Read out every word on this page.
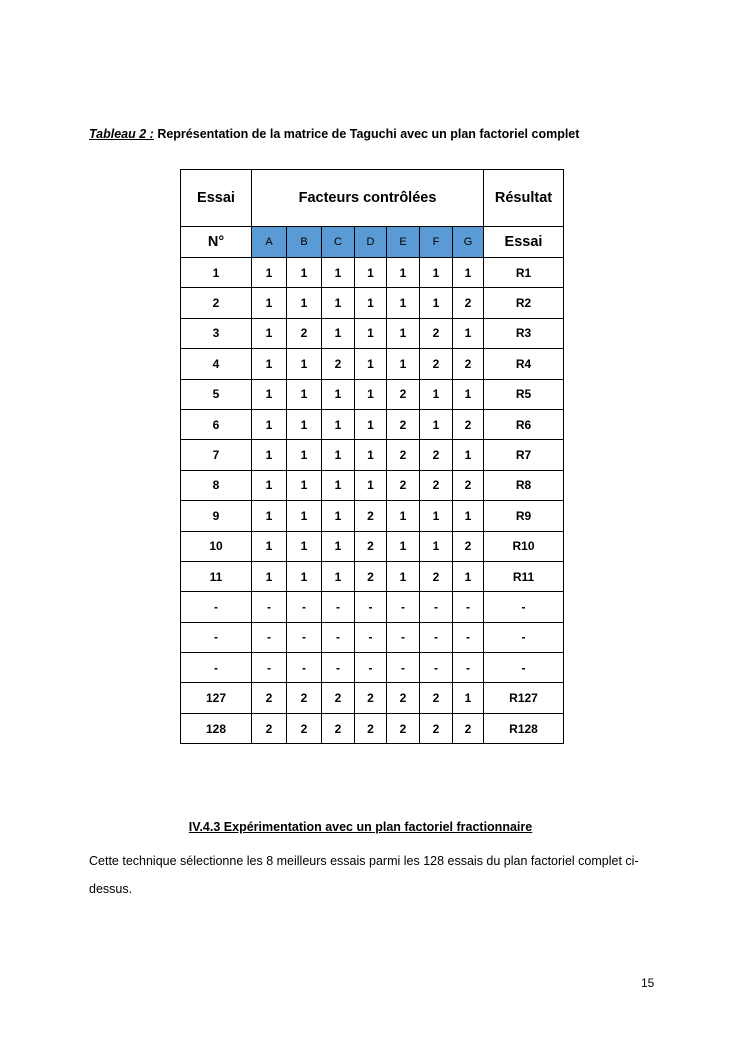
Tableau 2 : Représentation de la matrice de Taguchi avec un plan factoriel complet
Essai	Facteurs contrôlées							Résultat
N°	A	B	C	D	E	F	G	Essai
1	1	1	1	1	1	1	1	R1
2	1	1	1	1	1	1	2	R2
3	1	2	1	1	1	2	1	R3
4	1	1	2	1	1	2	2	R4
5	1	1	1	1	2	1	1	R5
6	1	1	1	1	2	1	2	R6
7	1	1	1	1	2	2	1	R7
8	1	1	1	1	2	2	2	R8
9	1	1	1	2	1	1	1	R9
10	1	1	1	2	1	1	2	R10
11	1	1	1	2	1	2	1	R11
-	-	-	-	-	-	-	-	-
-	-	-	-	-	-	-	-	-
-	-	-	-	-	-	-	-	-
127	2	2	2	2	2	2	1	R127
128	2	2	2	2	2	2	2	R128
IV.4.3 Expérimentation avec un plan factoriel fractionnaire
Cette technique sélectionne les 8 meilleurs essais parmi les 128 essais du plan factoriel complet ci-dessus.
15
